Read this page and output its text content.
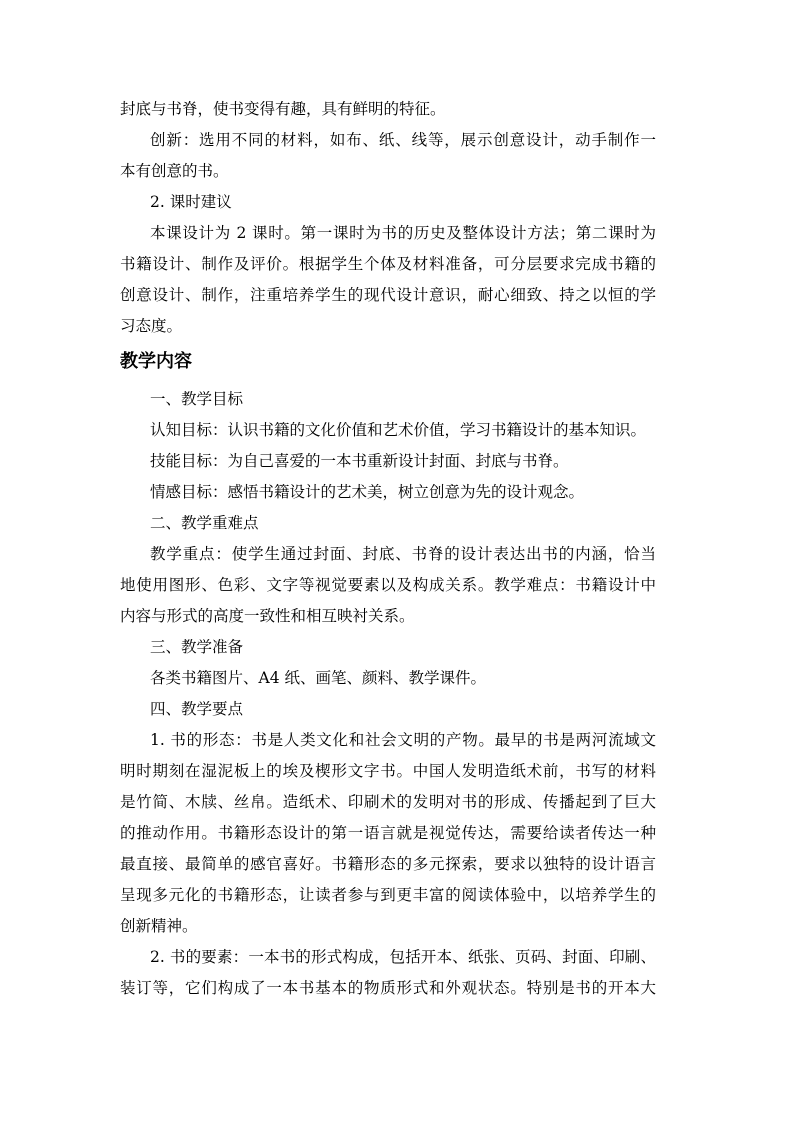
封底与书脊，使书变得有趣，具有鲜明的特征。
创新：选用不同的材料，如布、纸、线等，展示创意设计，动手制作一
本有创意的书。
2. 课时建议
本课设计为 2 课时。第一课时为书的历史及整体设计方法；第二课时为
书籍设计、制作及评价。根据学生个体及材料准备，可分层要求完成书籍的
创意设计、制作，注重培养学生的现代设计意识，耐心细致、持之以恒的学
习态度。
教学内容
一、教学目标
认知目标：认识书籍的文化价值和艺术价值，学习书籍设计的基本知识。
技能目标：为自己喜爱的一本书重新设计封面、封底与书脊。
情感目标：感悟书籍设计的艺术美，树立创意为先的设计观念。
二、教学重难点
教学重点：使学生通过封面、封底、书脊的设计表达出书的内涵，恰当
地使用图形、色彩、文字等视觉要素以及构成关系。教学难点：书籍设计中
内容与形式的高度一致性和相互映衬关系。
三、教学准备
各类书籍图片、A4 纸、画笔、颜料、教学课件。
四、教学要点
1. 书的形态：书是人类文化和社会文明的产物。最早的书是两河流域文
明时期刻在湿泥板上的埃及楔形文字书。中国人发明造纸术前，书写的材料
是竹简、木牍、丝帛。造纸术、印刷术的发明对书的形成、传播起到了巨大
的推动作用。书籍形态设计的第一语言就是视觉传达，需要给读者传达一种
最直接、最简单的感官喜好。书籍形态的多元探索，要求以独特的设计语言
呈现多元化的书籍形态，让读者参与到更丰富的阅读体验中，以培养学生的
创新精神。
2. 书的要素：一本书的形式构成，包括开本、纸张、页码、封面、印刷、
装订等，它们构成了一本书基本的物质形式和外观状态。特别是书的开本大
